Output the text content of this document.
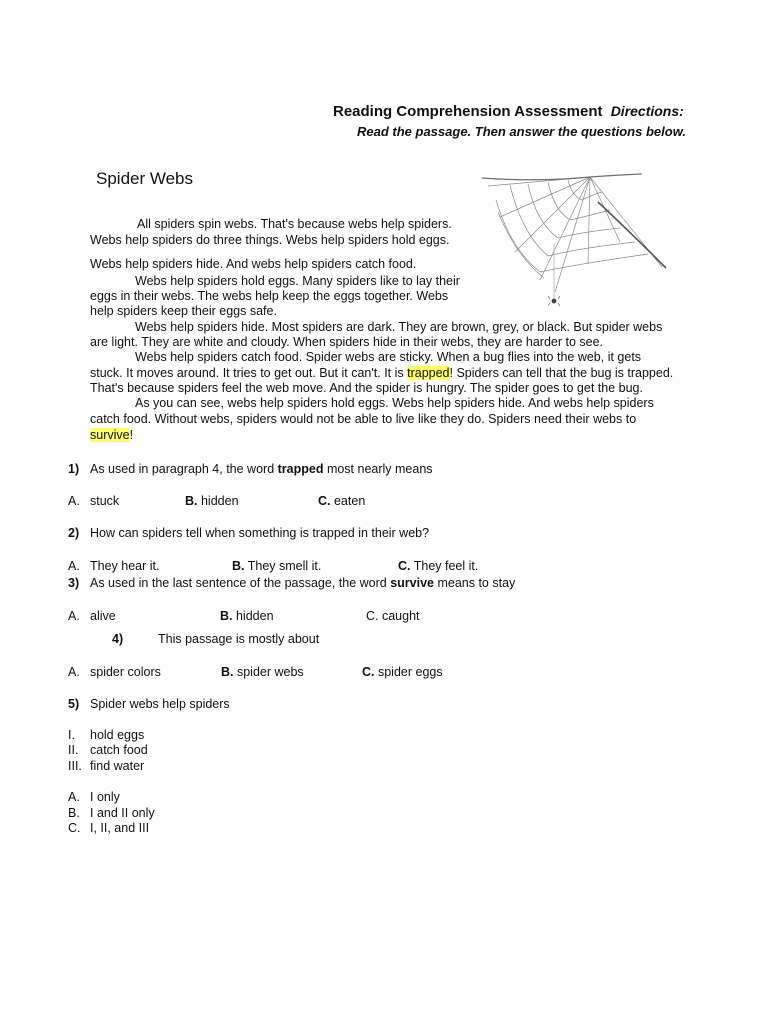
Reading Comprehension Assessment Directions:
Read the passage. Then answer the questions below.
Spider Webs
All spiders spin webs. That's because webs help spiders.
Webs help spiders do three things. Webs help spiders hold eggs.
Webs help spiders hide. And webs help spiders catch food.
Webs help spiders hold eggs. Many spiders like to lay their
eggs in their webs. The webs help keep the eggs together. Webs
help spiders keep their eggs safe.
Webs help spiders hide. Most spiders are dark. They are brown, grey, or black. But spider webs
are light. They are white and cloudy. When spiders hide in their webs, they are harder to see.
Webs help spiders catch food. Spider webs are sticky. When a bug flies into the web, it gets
stuck. It moves around. It tries to get out. But it can't. It is trapped! Spiders can tell that the bug is trapped.
That's because spiders feel the web move. And the spider is hungry. The spider goes to get the bug.
As you can see, webs help spiders hold eggs. Webs help spiders hide. And webs help spiders
catch food. Without webs, spiders would not be able to live like they do. Spiders need their webs to
survive!
1) As used in paragraph 4, the word trapped most nearly means
A. stuck	B. hidden	C. eaten
2) How can spiders tell when something is trapped in their web?
A. They hear it.	B. They smell it.	C. They feel it.
3) As used in the last sentence of the passage, the word survive means to stay
A. alive	B. hidden	C. caught
4)	This passage is mostly about
A. spider colors	B. spider webs	C. spider eggs
5) Spider webs help spiders
I. hold eggs
II. catch food
III. find water
A. I only
B. I and II only
C. I, II, and III
